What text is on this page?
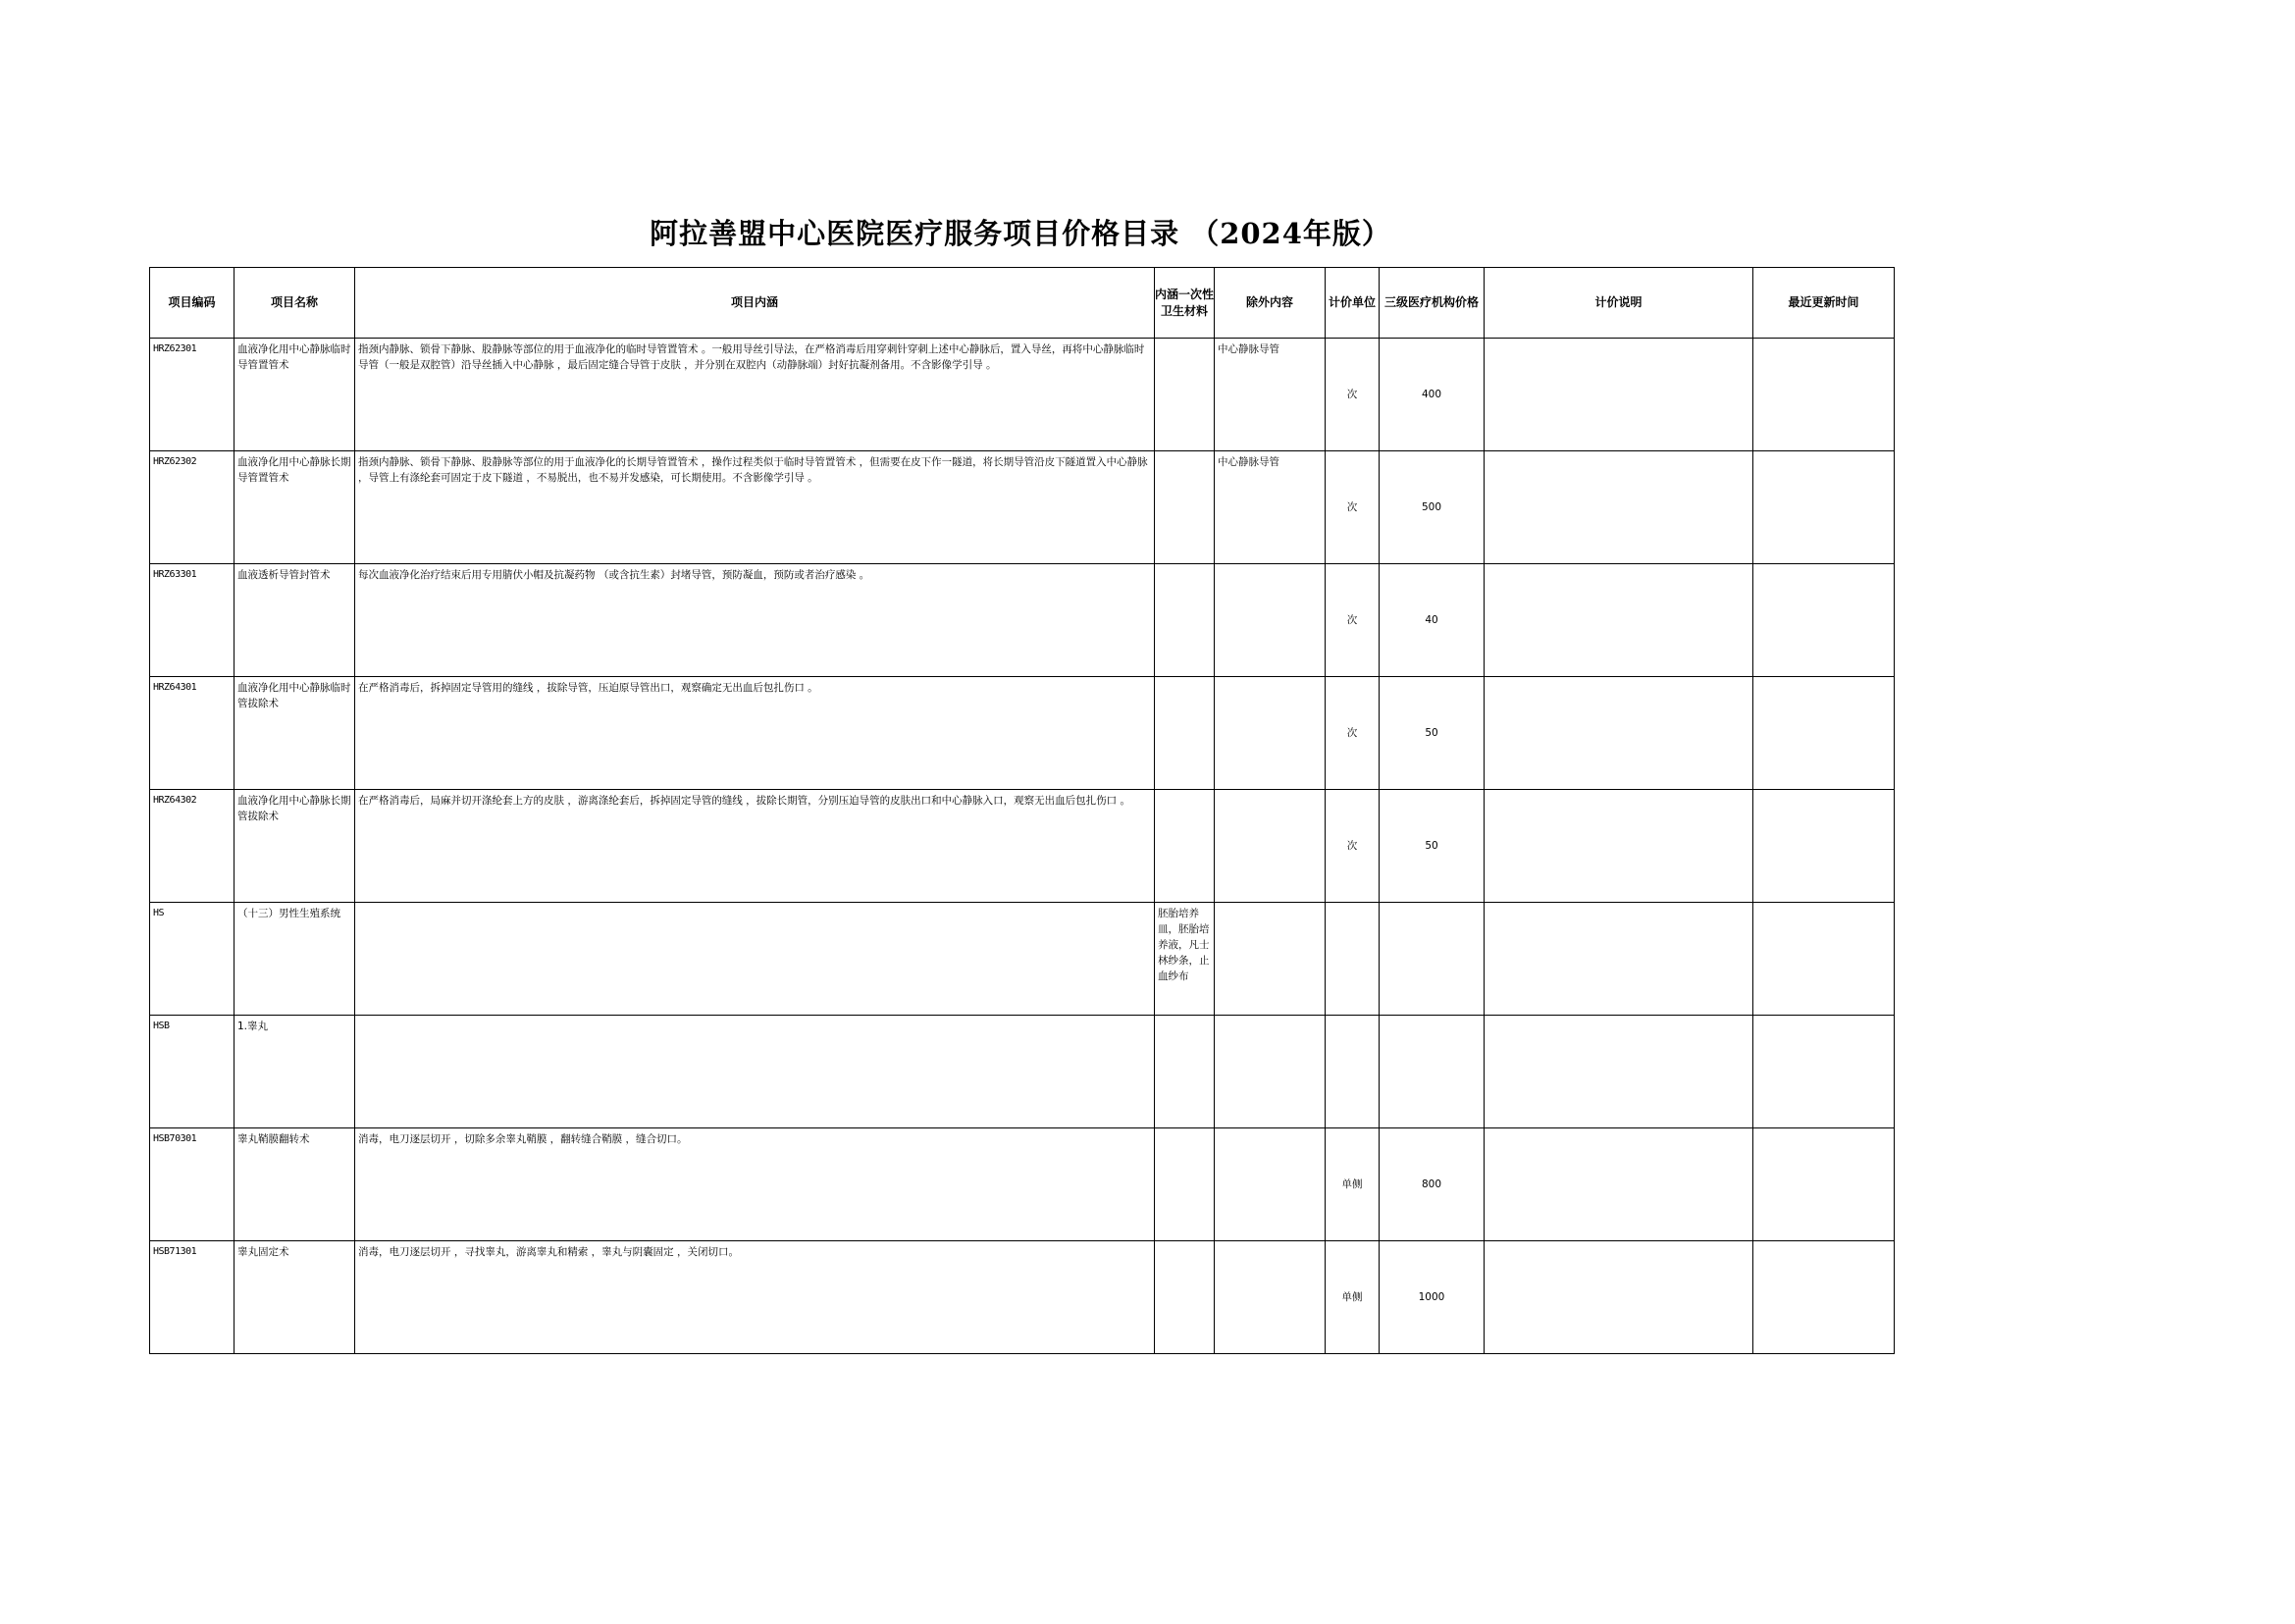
阿拉善盟中心医院医疗服务项目价格目录 （2024年版）
项目编码	项目名称	项目内涵	内涵一次性卫生材料	除外内容	计价单位	三级医疗机构价格	计价说明	最近更新时间

HRZ62301	血液净化用中心静脉临时导管置管术	指颈内静脉、锁骨下静脉、股静脉等部位的用于血液净化的临时导管置管术 。一般用导丝引导法，在严格消毒后用穿刺针穿刺上述中心静脉后，置入导丝，再将中心静脉临时导管（一般是双腔管）沿导丝插入中心静脉 ，最后固定缝合导管于皮肤 ，并分别在双腔内（动静脉端）封好抗凝剂备用。不含影像学引导 。		中心静脉导管	次	400		

HRZ62302	血液净化用中心静脉长期导管置管术	指颈内静脉、锁骨下静脉、股静脉等部位的用于血液净化的长期导管置管术 ，操作过程类似于临时导管置管术 ，但需要在皮下作一隧道，将长期导管沿皮下隧道置入中心静脉 ，导管上有涤纶套可固定于皮下隧道 ，不易脱出，也不易并发感染，可长期使用。不含影像学引导 。		中心静脉导管	次	500		

HRZ63301	血液透析导管封管术	每次血液净化治疗结束后用专用腈伏小帽及抗凝药物 （或含抗生素）封堵导管，预防凝血，预防或者治疗感染 。			次	40		

HRZ64301	血液净化用中心静脉临时管拔除术	在严格消毒后，拆掉固定导管用的缝线 ，拔除导管，压迫原导管出口，观察确定无出血后包扎伤口 。			次	50		

HRZ64302	血液净化用中心静脉长期管拔除术	在严格消毒后，局麻并切开涤纶套上方的皮肤 ，游离涤纶套后，拆掉固定导管的缝线 ，拔除长期管，分别压迫导管的皮肤出口和中心静脉入口，观察无出血后包扎伤口 。			次	50		

HS	（十三）男性生殖系统		胚胎培养皿，胚胎培养液，凡士林纱条，止血纱布					

HSB	1.睾丸							

HSB70301	睾丸鞘膜翻转术	消毒，电刀逐层切开 ，切除多余睾丸鞘膜 ，翻转缝合鞘膜 ，缝合切口。			单侧	800		

HSB71301	睾丸固定术	消毒，电刀逐层切开 ，寻找睾丸，游离睾丸和精索 ，睾丸与阴囊固定 ，关闭切口。			单侧	1000		
